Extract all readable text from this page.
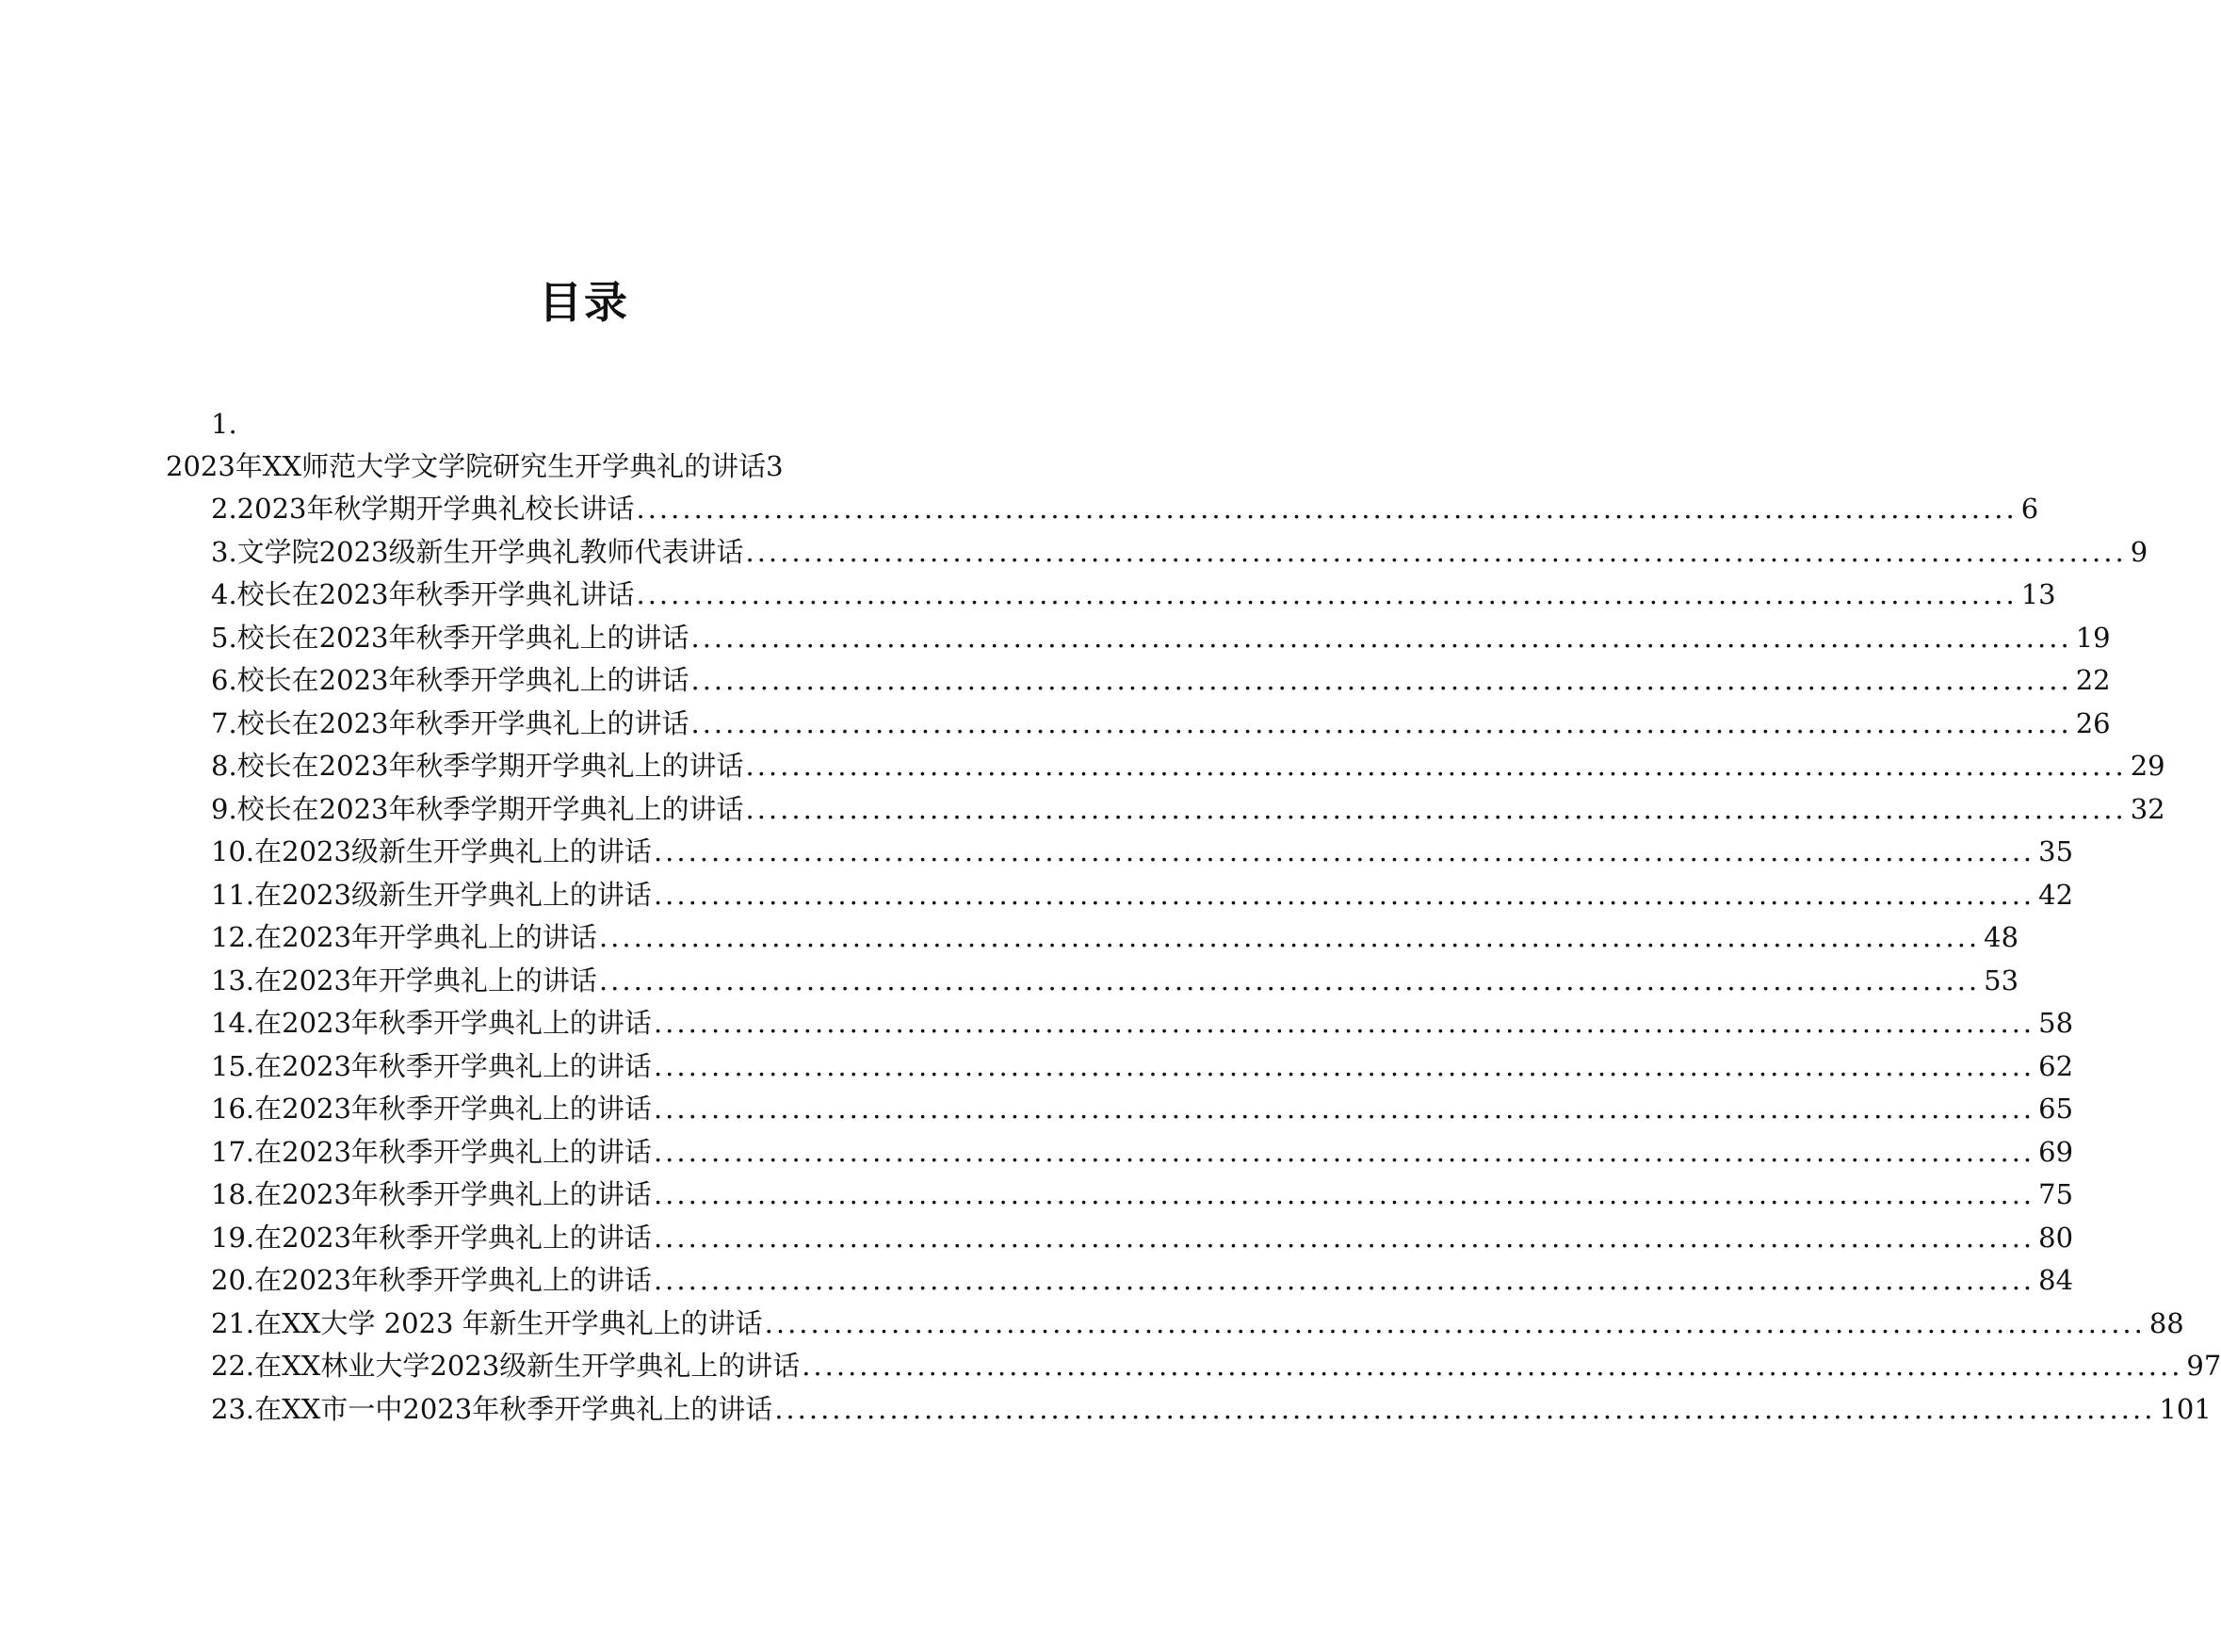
目录
1.
2023年XX师范大学文学院研究生开学典礼的讲话3
2.2023年秋学期开学典礼校长讲话 ........................................................................................................................ 6
3.文学院2023级新生开学典礼教师代表讲话 ........................................................................................................................ 9
4.校长在2023年秋季开学典礼讲话 ........................................................................................................................ 13
5.校长在2023年秋季开学典礼上的讲话 ........................................................................................................................ 19
6.校长在2023年秋季开学典礼上的讲话 ........................................................................................................................ 22
7.校长在2023年秋季开学典礼上的讲话 ........................................................................................................................ 26
8.校长在2023年秋季学期开学典礼上的讲话 ........................................................................................................................ 29
9.校长在2023年秋季学期开学典礼上的讲话 ........................................................................................................................ 32
10.在2023级新生开学典礼上的讲话 ........................................................................................................................ 35
11.在2023级新生开学典礼上的讲话 ........................................................................................................................ 42
12.在2023年开学典礼上的讲话 ........................................................................................................................ 48
13.在2023年开学典礼上的讲话 ........................................................................................................................ 53
14.在2023年秋季开学典礼上的讲话 ........................................................................................................................ 58
15.在2023年秋季开学典礼上的讲话 ........................................................................................................................ 62
16.在2023年秋季开学典礼上的讲话 ........................................................................................................................ 65
17.在2023年秋季开学典礼上的讲话 ........................................................................................................................ 69
18.在2023年秋季开学典礼上的讲话 ........................................................................................................................ 75
19.在2023年秋季开学典礼上的讲话 ........................................................................................................................ 80
20.在2023年秋季开学典礼上的讲话 ........................................................................................................................ 84
21.在XX大学 2023 年新生开学典礼上的讲话 ........................................................................................................................ 88
22.在XX林业大学2023级新生开学典礼上的讲话 ........................................................................................................................ 97
23.在XX市一中2023年秋季开学典礼上的讲话 ........................................................................................................................ 101
